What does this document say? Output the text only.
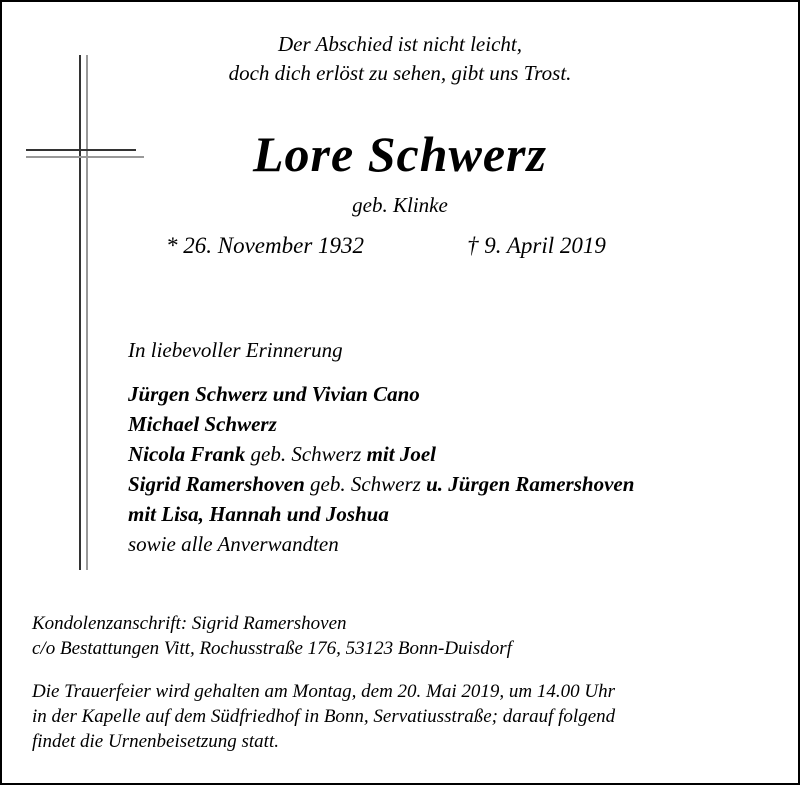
Der Abschied ist nicht leicht,
doch dich erlöst zu sehen, gibt uns Trost.
Lore Schwerz
geb. Klinke
* 26. November 1932	† 9. April 2019
In liebevoller Erinnerung
Jürgen Schwerz und Vivian Cano
Michael Schwerz
Nicola Frank geb. Schwerz mit Joel
Sigrid Ramershoven geb. Schwerz u. Jürgen Ramershoven
mit Lisa, Hannah und Joshua
sowie alle Anverwandten
Kondolenzanschrift: Sigrid Ramershoven
c/o Bestattungen Vitt, Rochusstraße 176, 53123 Bonn-Duisdorf
Die Trauerfeier wird gehalten am Montag, dem 20. Mai 2019, um 14.00 Uhr
in der Kapelle auf dem Südfriedhof in Bonn, Servatiusstraße; darauf folgend
findet die Urnenbeisetzung statt.
